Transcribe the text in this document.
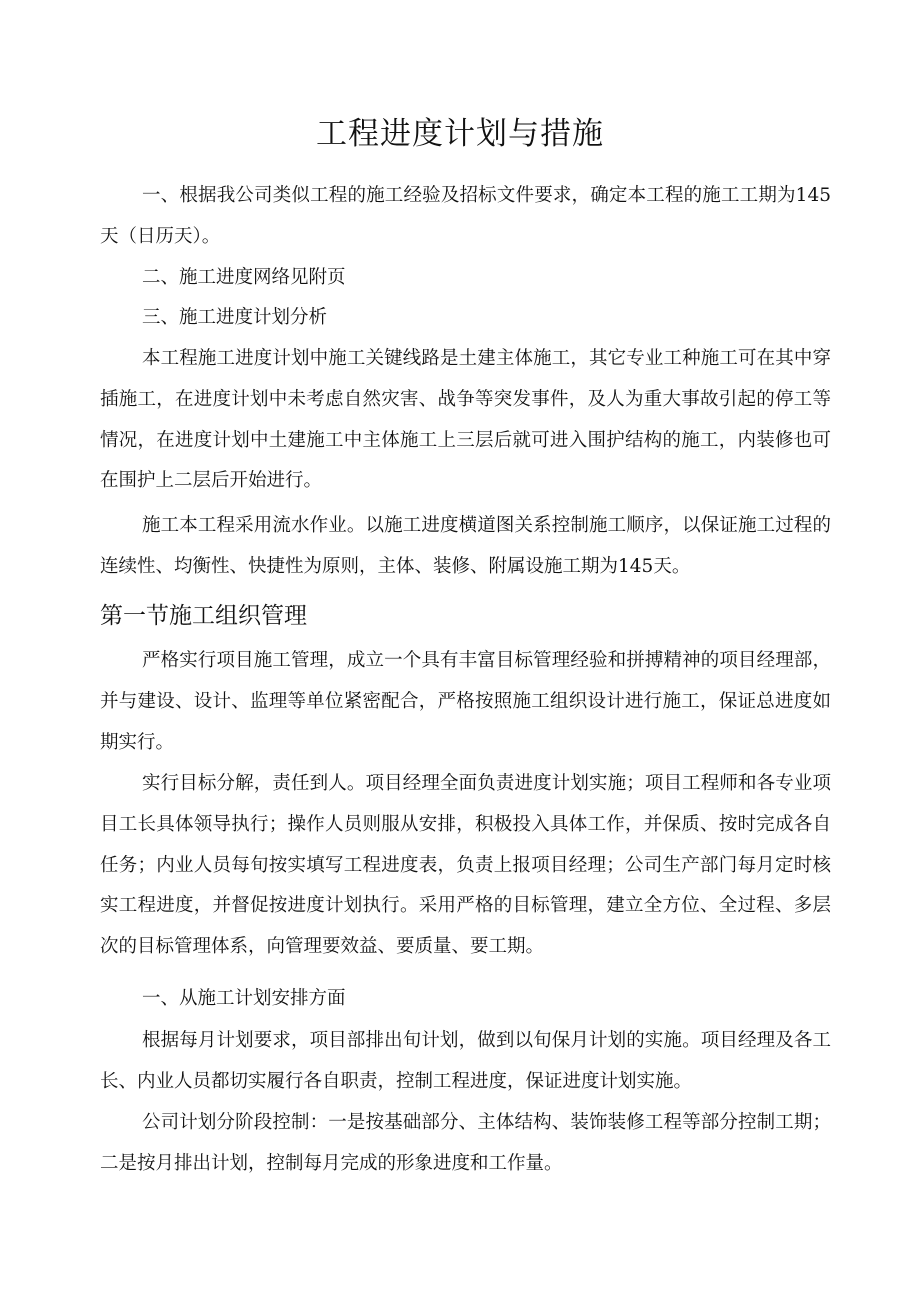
工程进度计划与措施

一、根据我公司类似工程的施工经验及招标文件要求，确定本工程的施工工期为145天（日历天）。

二、施工进度网络见附页

三、施工进度计划分析

本工程施工进度计划中施工关键线路是土建主体施工，其它专业工种施工可在其中穿插施工，在进度计划中未考虑自然灾害、战争等突发事件，及人为重大事故引起的停工等情况，在进度计划中土建施工中主体施工上三层后就可进入围护结构的施工，内装修也可在围护上二层后开始进行。

施工本工程采用流水作业。以施工进度横道图关系控制施工顺序，以保证施工过程的连续性、均衡性、快捷性为原则，主体、装修、附属设施工期为145天。

第一节施工组织管理

严格实行项目施工管理，成立一个具有丰富目标管理经验和拼搏精神的项目经理部，并与建设、设计、监理等单位紧密配合，严格按照施工组织设计进行施工，保证总进度如期实行。

实行目标分解，责任到人。项目经理全面负责进度计划实施；项目工程师和各专业项目工长具体领导执行；操作人员则服从安排，积极投入具体工作，并保质、按时完成各自任务；内业人员每旬按实填写工程进度表，负责上报项目经理；公司生产部门每月定时核实工程进度，并督促按进度计划执行。采用严格的目标管理，建立全方位、全过程、多层次的目标管理体系，向管理要效益、要质量、要工期。

一、从施工计划安排方面

根据每月计划要求，项目部排出旬计划，做到以旬保月计划的实施。项目经理及各工长、内业人员都切实履行各自职责，控制工程进度，保证进度计划实施。

公司计划分阶段控制：一是按基础部分、主体结构、装饰装修工程等部分控制工期；二是按月排出计划，控制每月完成的形象进度和工作量。
